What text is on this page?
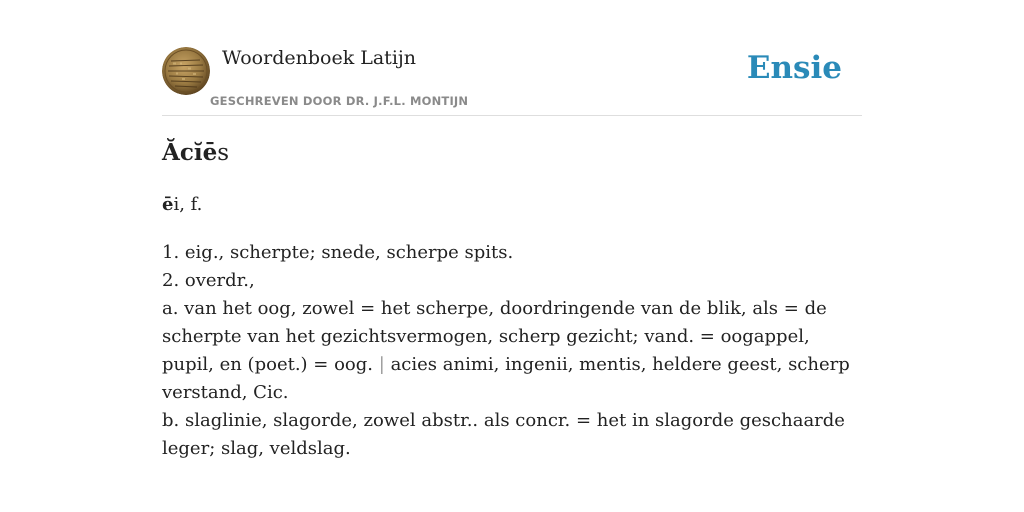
Woordenboek Latijn
GESCHREVEN DOOR DR. J.F.L. MONTIJN
Ensie
Ăcĭēs
ēi, f.

1. eig., scherpte; snede, scherpe spits.

2. overdr.,

a. van het oog, zowel = het scherpe, doordringende van de blik, als = de scherpte van het gezichtsvermogen, scherp gezicht; vand. = oogappel, pupil, en (poet.) = oog. | acies animi, ingenii, mentis, heldere geest, scherp verstand, Cic.

b. slaglinie, slagorde, zowel abstr.. als concr. = het in slagorde geschaarde leger; slag, veldslag.
